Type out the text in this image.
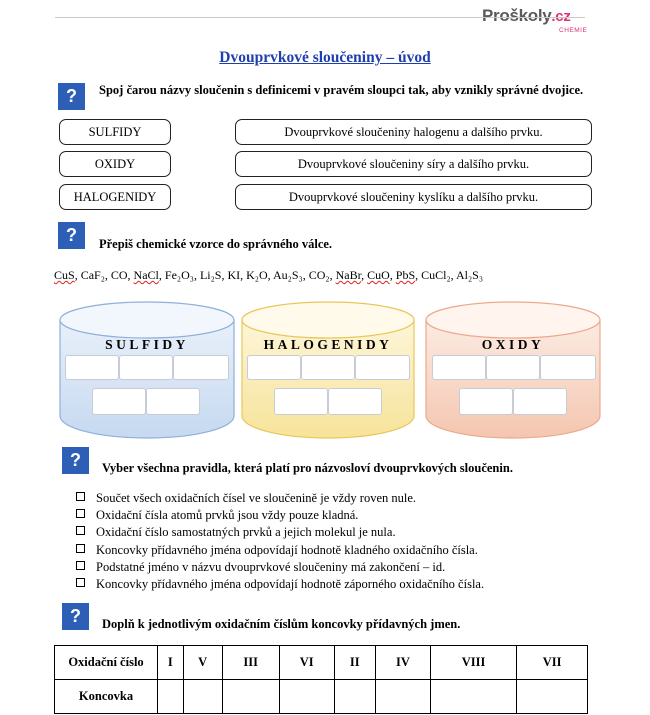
Proškoly.cz
CHEMIE
Dvouprvkové sloučeniny – úvod
?	Spoj čarou názvy sloučenin s definicemi v pravém sloupci tak, aby vznikly správné dvojice.
SULFIDY
OXIDY
HALOGENIDY
Dvouprvkové sloučeniny halogenu a dalšího prvku.
Dvouprvkové sloučeniny síry a dalšího prvku.
Dvouprvkové sloučeniny kyslíku a dalšího prvku.
?	Přepiš chemické vzorce do správného válce.
CuS, CaF₂, CO, NaCl, Fe₂O₃, Li₂S, KI, K₂O, Au₂S₃, CO₂, NaBr, CuO, PbS, CuCl₂, Al₂S₃
SULFIDY	HALOGENIDY	OXIDY
?	Vyber všechna pravidla, která platí pro názvosloví dvouprvkových sloučenin.
Součet všech oxidačních čísel ve sloučenině je vždy roven nule.
Oxidační čísla atomů prvků jsou vždy pouze kladná.
Oxidační číslo samostatných prvků a jejich molekul je nula.
Koncovky přídavného jména odpovídají hodnotě kladného oxidačního čísla.
Podstatné jméno v názvu dvouprvkové sloučeniny má zakončení – id.
Koncovky přídavného jména odpovídají hodnotě záporného oxidačního čísla.
?	Doplň k jednotlivým oxidačním číslům koncovky přídavných jmen.
Oxidační číslo	I	V	III	VI	II	IV	VIII	VII
Koncovka								
